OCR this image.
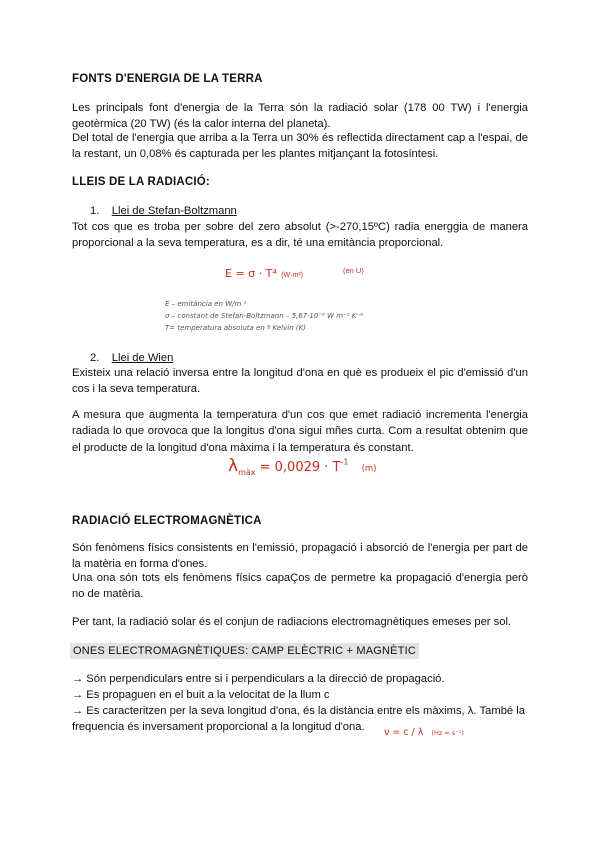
FONTS D'ENERGIA DE LA TERRA
Les principals font d'energia de la Terra són la radiació solar (178 00 TW) i l'energia geotèrmica (20 TW) (és la calor interna del planeta).
Del total de l'energia que arriba a la Terra un 30% és reflectida directament cap a l'espai, de la restant, un 0,08% és capturada per les plantes mitjançant la fotosíntesi.
LLEIS DE LA RADIACIÓ:
1. Llei de Stefan-Boltzmann
Tot cos que es troba per sobre del zero absolut (>-270,15ºC) radia energgia de manera proporcional a la seva temperatura, es a dir, té una emitància proporcional.
E = σ · T⁴ (W·m²)
(en U)
E – emitància en W/m ²
σ – constant de Stefan-Boltzmann – 5,67·10⁻⁸ W m⁻² K⁻⁴
T= temperatura absoluta en º Kelvin (K)
2. Llei de Wien
Existeix una relació inversa entre la longitud d'ona en què es produeix el pic d'emissió d'un cos i la seva temperatura.
A mesura que augmenta la temperatura d'un cos que emet radiació incrementa l'energia radiada lo que orovoca que la longitus d'ona sigui mñes curta. Com a resultat obtenim que el producte de la longitud d'ona màxima i la temperatura és constant.
$\lambda_{màx} = 0,0029 \cdot T^{-1}$ (m)
RADIACIÓ ELECTROMAGNÈTICA
Són fenòmens físics consistents en l'emissió, propagació i absorció de l'energia per part de la matèria en forma d'ones.
Una ona són tots els fenòmens físics capaÇos de permetre ka propagació d'energia però no de matèria.
Per tant, la radiació solar és el conjun de radiacions electromagnètiques emeses per sol.
ONES ELECTROMAGNÈTIQUES: CAMP ELÈCTRIC + MAGNÈTIC
→ Són perpendiculars entre si i perpendiculars a la direcció de propagació.
→ Es propaguen en el buit a la velocitat de la llum c
→ Es caracteritzen per la seva longitud d'ona, és la distància entre els màxims, λ. També la
frequencia és inversament proporcional a la longitud d'ona. ν = c / λ (Hz = s⁻¹)
